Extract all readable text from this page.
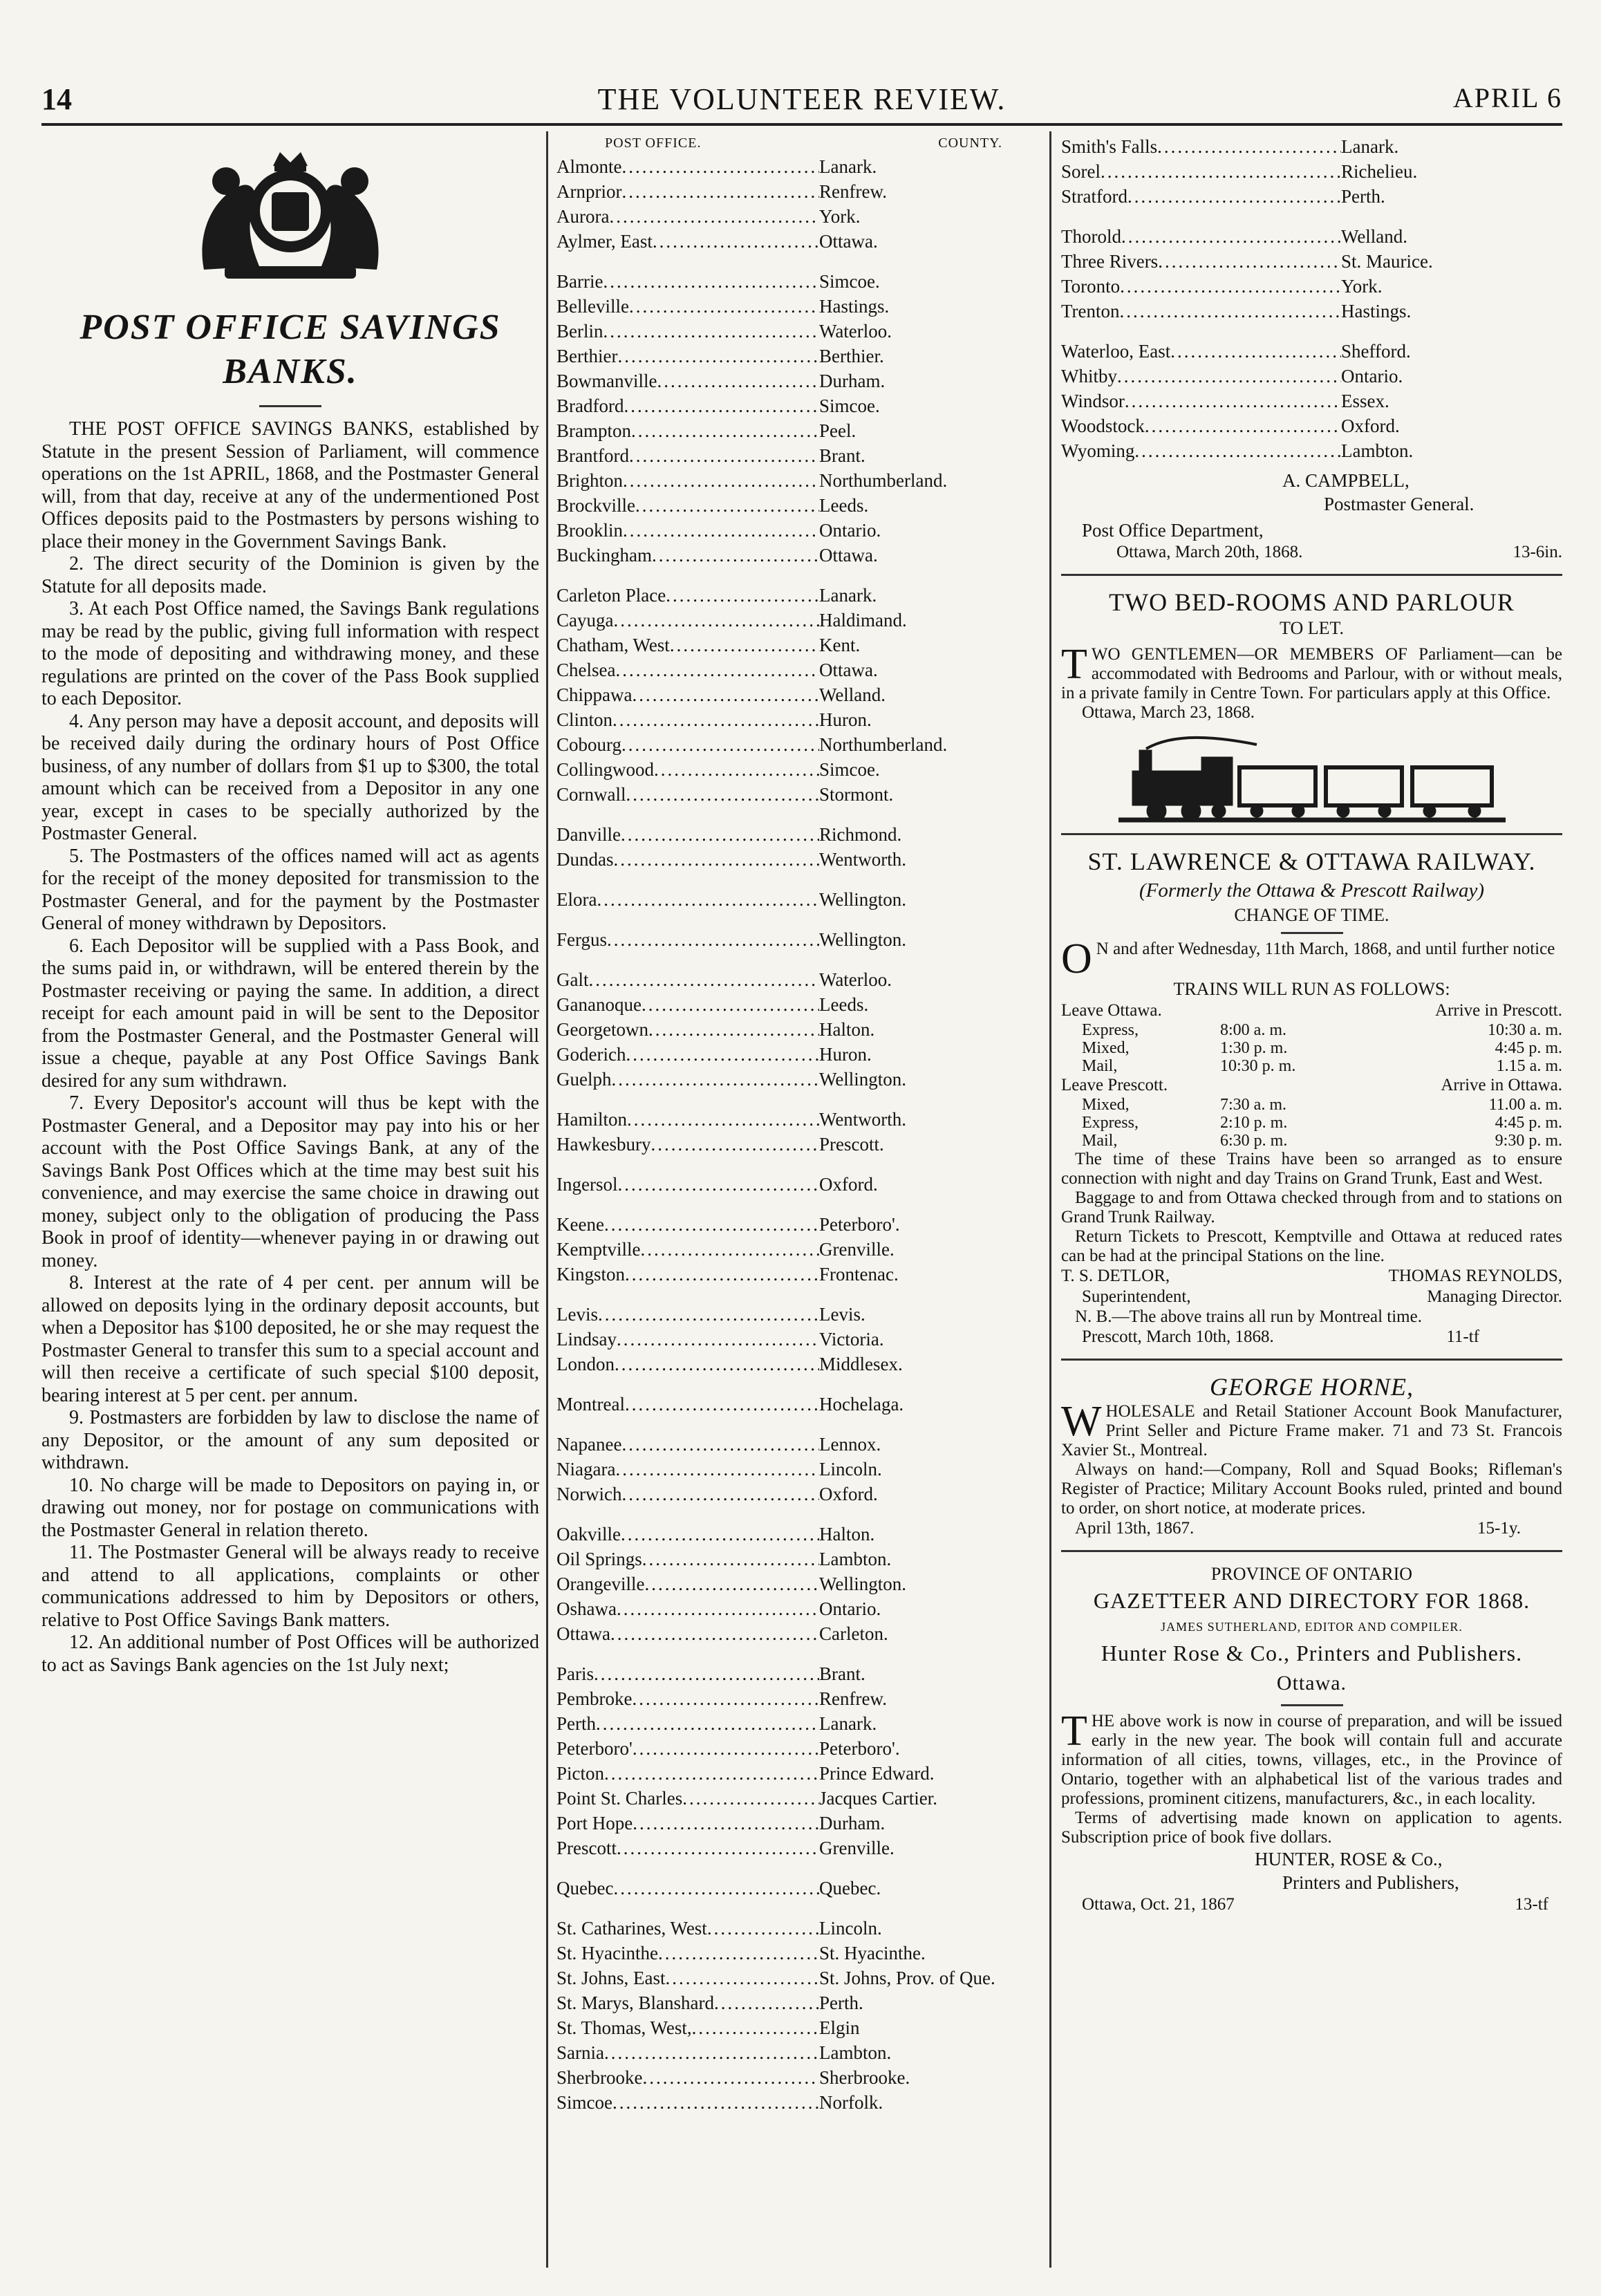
THE VOLUNTEER REVIEW.
14	APRIL 6
POST OFFICE SAVINGS
BANKS.

THE POST OFFICE SAVINGS BANKS, established by Statute in the present Session of Parliament, will commence operations on the 1st APRIL, 1868, and the Postmaster General will, from that day, receive at any of the undermentioned Post Offices deposits paid to the Postmasters by persons wishing to place their money in the Government Savings Bank.

2. The direct security of the Dominion is given by the Statute for all deposits made.

3. At each Post Office named, the Savings Bank regulations may be read by the public, giving full information with respect to the mode of depositing and withdrawing money, and these regulations are printed on the cover of the Pass Book supplied to each Depositor.

4. Any person may have a deposit account, and deposits will be received daily during the ordinary hours of Post Office business, of any number of dollars from $1 up to $300, the total amount which can be received from a Depositor in any one year, except in cases to be specially authorized by the Postmaster General.

5. The Postmasters of the offices named will act as agents for the receipt of the money deposited for transmission to the Postmaster General, and for the payment by the Postmaster General of money withdrawn by Depositors.

6. Each Depositor will be supplied with a Pass Book, and the sums paid in, or withdrawn, will be entered therein by the Postmaster receiving or paying the same. In addition, a direct receipt for each amount paid in will be sent to the Depositor from the Postmaster General, and the Postmaster General will issue a cheque, payable at any Post Office Savings Bank desired for any sum withdrawn.

7. Every Depositor's account will thus be kept with the Postmaster General, and a Depositor may pay into his or her account with the Post Office Savings Bank, at any of the Savings Bank Post Offices which at the time may best suit his convenience, and may exercise the same choice in drawing out money, subject only to the obligation of producing the Pass Book in proof of identity—whenever paying in or drawing out money.

8. Interest at the rate of 4 per cent. per annum will be allowed on deposits lying in the ordinary deposit accounts, but when a Depositor has $100 deposited, he or she may request the Postmaster General to transfer this sum to a special account and will then receive a certificate of such special $100 deposit, bearing interest at 5 per cent. per annum.

9. Postmasters are forbidden by law to disclose the name of any Depositor, or the amount of any sum deposited or withdrawn.

10. No charge will be made to Depositors on paying in, or drawing out money, nor for postage on communications with the Postmaster General in relation thereto.

11. The Postmaster General will be always ready to receive and attend to all applications, complaints or other communications addressed to him by Depositors or others, relative to Post Office Savings Bank matters.

12. An additional number of Post Offices will be authorized to act as Savings Bank agencies on the 1st July next;

POST OFFICE.	COUNTY.
Almonte .....	Lanark.
Arnprior .....	Renfrew.
Aurora .....	York.
Aylmer, East .....	Ottawa.
Barrie .....	Simcoe.
Belleville .....	Hastings.
Berlin .....	Waterloo.
Berthier .....	Berthier.
Bowmanville .....	Durham.
Bradford .....	Simcoe.
Brampton .....	Peel.
Brantford .....	Brant.
Brighton .....	Northumberland.
Brockville .....	Leeds.
Brooklin .....	Ontario.
Buckingham .....	Ottawa.
Carleton Place .....	Lanark.
Cayuga .....	Haldimand.
Chatham, West .....	Kent.
Chelsea .....	Ottawa.
Chippawa .....	Welland.
Clinton .....	Huron.
Cobourg .....	Northumberland.
Collingwood .....	Simcoe.
Cornwall .....	Stormont.
Danville .....	Richmond.
Dundas .....	Wentworth.
Elora .....	Wellington.
Fergus .....	Wellington.
Galt .....	Waterloo.
Gananoque .....	Leeds.
Georgetown .....	Halton.
Goderich .....	Huron.
Guelph .....	Wellington.
Hamilton .....	Wentworth.
Hawkesbury .....	Prescott.
Ingersol .....	Oxford.
Keene .....	Peterboro'.
Kemptville .....	Grenville.
Kingston .....	Frontenac.
Levis .....	Levis.
Lindsay .....	Victoria.
London .....	Middlesex.
Montreal .....	Hochelaga.
Napanee .....	Lennox.
Niagara .....	Lincoln.
Norwich .....	Oxford.
Oakville .....	Halton.
Oil Springs .....	Lambton.
Orangeville .....	Wellington.
Oshawa .....	Ontario.
Ottawa .....	Carleton.
Paris .....	Brant.
Pembroke .....	Renfrew.
Perth .....	Lanark.
Peterboro' .....	Peterboro'.
Picton .....	Prince Edward.
Point St. Charles .....	Jacques Cartier.
Port Hope .....	Durham.
Prescott .....	Grenville.
Quebec .....	Quebec.
St. Catharines, West .....	Lincoln.
St. Hyacinthe .....	St. Hyacinthe.
St. Johns, East .....	St. Johns, Prov. of Que.
St. Marys, Blanshard .....	Perth.
St. Thomas, West, .....	Elgin
Sarnia .....	Lambton.
Sherbrooke .....	Sherbrooke.
Simcoe .....	Norfolk.
Smith's Falls .....	Lanark.
Sorel .....	Richelieu.
Stratford .....	Perth.
Thorold .....	Welland.
Three Rivers .....	St. Maurice.
Toronto .....	York.
Trenton .....	Hastings.
Waterloo, East .....	Shefford.
Whitby .....	Ontario.
Windsor .....	Essex.
Woodstock .....	Oxford.
Wyoming .....	Lambton.
A. CAMPBELL,
Postmaster General.
Post Office Department,
Ottawa, March 20th, 1868.	13-6in.
TWO BED-ROOMS AND PARLOUR
TO LET.

TWO GENTLEMEN—OR MEMBERS OF Parliament—can be accommodated with Bedrooms and Parlour, with or without meals, in a private family in Centre Town. For particulars apply at this Office.

Ottawa, March 23, 1868.
ST. LAWRENCE & OTTAWA RAILWAY.
(Formerly the Ottawa & Prescott Railway)
CHANGE OF TIME.

O N and after Wednesday, 11th March, 1868, and until further notice

TRAINS WILL RUN AS FOLLOWS:
Leave Ottawa.	Arrive in Prescott.
Express,	8:00 a. m.	10:30 a. m.
Mixed,	1:30 p. m.	4:45 p. m.
Mail,	10:30 p. m.	1.15 a. m.
Leave Prescott.	Arrive in Ottawa.
Mixed,	7:30 a. m.	11.00 a. m.
Express,	2:10 p. m.	4:45 p. m.
Mail,	6:30 p. m.	9:30 p. m.

The time of these Trains have been so arranged as to ensure connection with night and day Trains on Grand Trunk, East and West.

Baggage to and from Ottawa checked through from and to stations on Grand Trunk Railway.

Return Tickets to Prescott, Kemptville and Ottawa at reduced rates can be had at the principal Stations on the line.

T. S. DETLOR,	THOMAS REYNOLDS,
Superintendent,	Managing Director.

N. B.—The above trains all run by Montreal time.

Prescott, March 10th, 1868.	11-tf
GEORGE HORNE,

WHOLESALE and Retail Stationer Account Book Manufacturer, Print Seller and Picture Frame maker. 71 and 73 St. Francois Xavier St., Montreal.

Always on hand:—Company, Roll and Squad Books; Rifleman's Register of Practice; Military Account Books ruled, printed and bound to order, on short notice, at moderate prices.

April 13th, 1867.	15-1y.
PROVINCE OF ONTARIO
GAZETTEER AND DIRECTORY FOR 1868.
JAMES SUTHERLAND, EDITOR AND COMPILER.
Hunter Rose & Co., Printers and Publishers.
Ottawa.

THE above work is now in course of preparation, and will be issued early in the new year. The book will contain full and accurate information of all cities, towns, villages, etc., in the Province of Ontario, together with an alphabetical list of the various trades and professions, prominent citizens, manufacturers, &c., in each locality.

Terms of advertising made known on application to agents. Subscription price of book five dollars.

HUNTER, ROSE & Co.,
Printers and Publishers,
Ottawa, Oct. 21, 1867	13-tf
